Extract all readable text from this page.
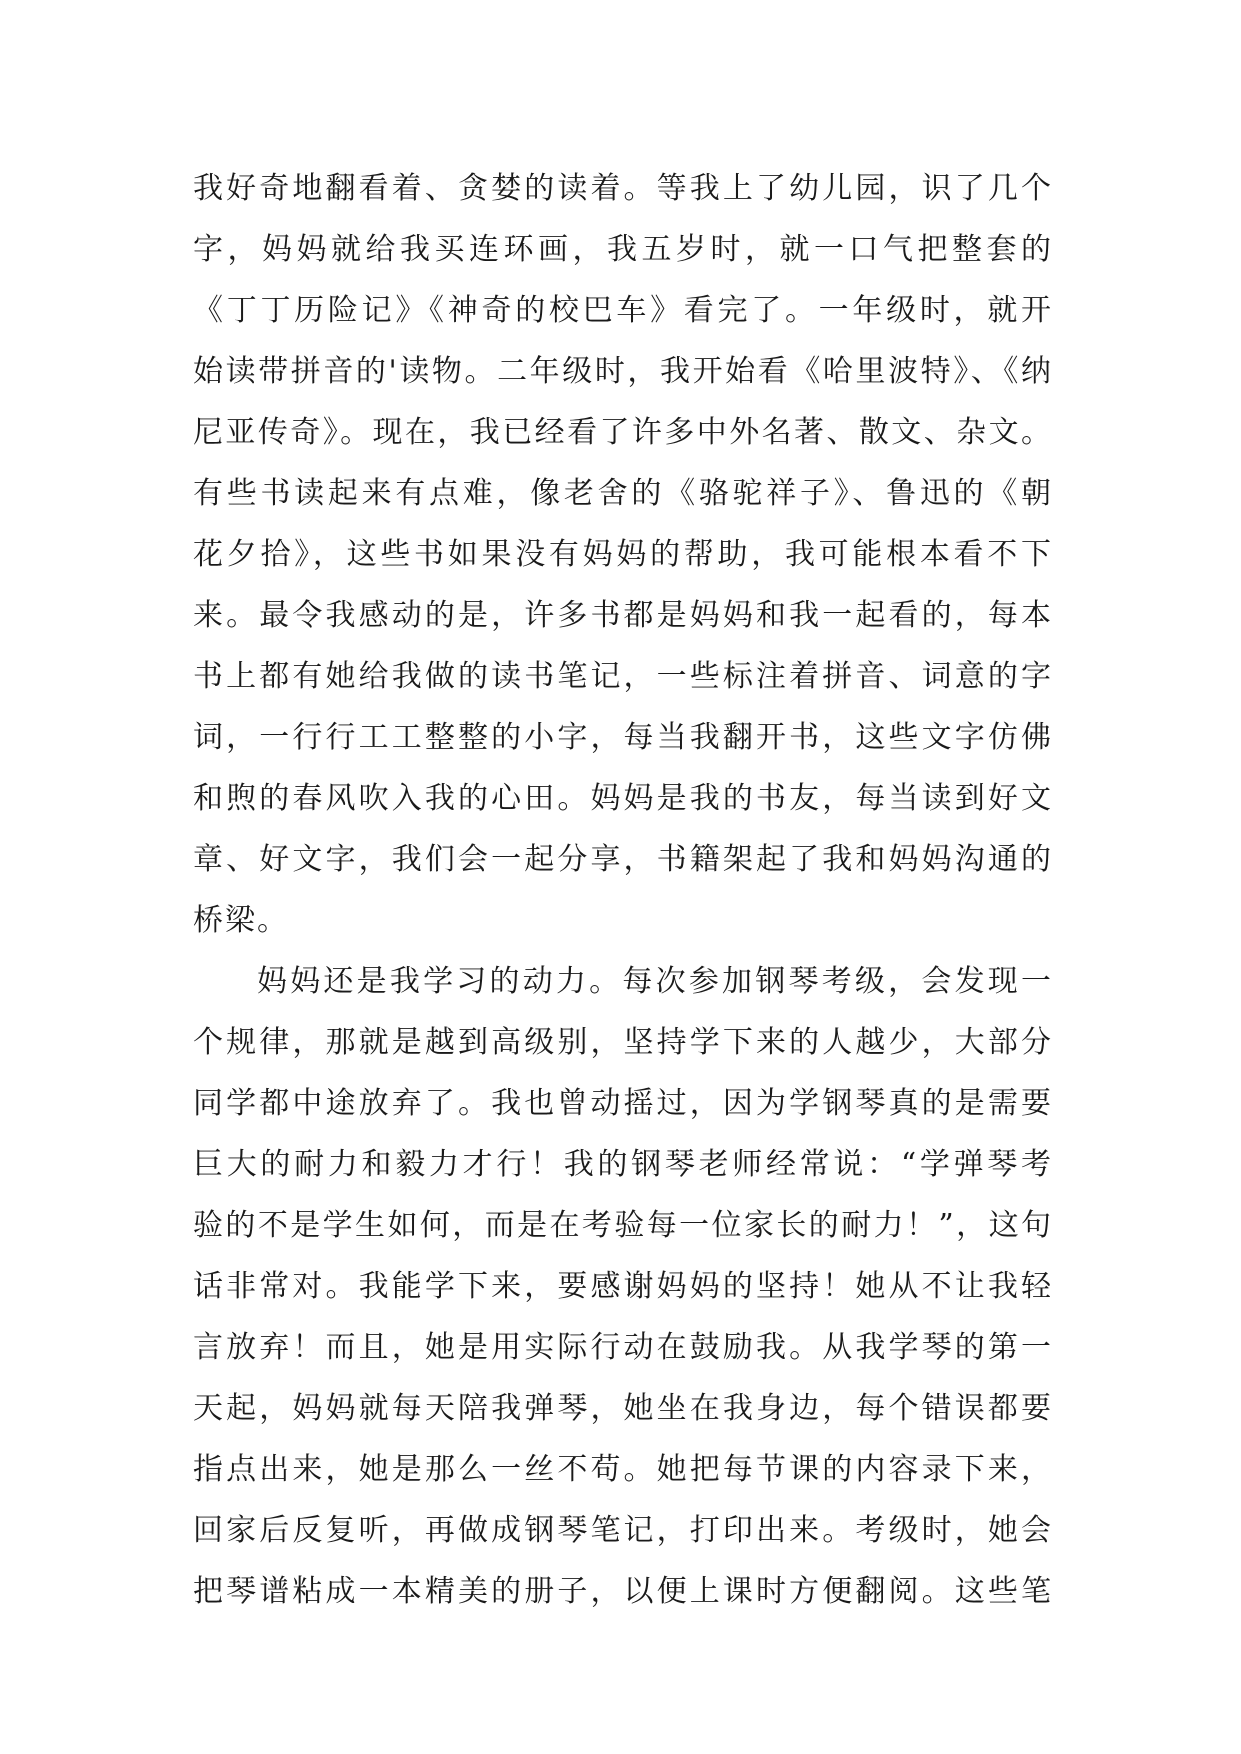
我好奇地翻看着、贪婪的读着。等我上了幼儿园，识了几个
字，妈妈就给我买连环画，我五岁时，就一口气把整套的
《丁丁历险记》《神奇的校巴车》看完了。一年级时，就开
始读带拼音的'读物。二年级时，我开始看《哈里波特》、《纳
尼亚传奇》。现在，我已经看了许多中外名著、散文、杂文。
有些书读起来有点难，像老舍的《骆驼祥子》、鲁迅的《朝
花夕拾》，这些书如果没有妈妈的帮助，我可能根本看不下
来。最令我感动的是，许多书都是妈妈和我一起看的，每本
书上都有她给我做的读书笔记，一些标注着拼音、词意的字
词，一行行工工整整的小字，每当我翻开书，这些文字仿佛
和煦的春风吹入我的心田。妈妈是我的书友，每当读到好文
章、好文字，我们会一起分享，书籍架起了我和妈妈沟通的
桥梁。
妈妈还是我学习的动力。每次参加钢琴考级，会发现一
个规律，那就是越到高级别，坚持学下来的人越少，大部分
同学都中途放弃了。我也曾动摇过，因为学钢琴真的是需要
巨大的耐力和毅力才行！我的钢琴老师经常说：“学弹琴考
验的不是学生如何，而是在考验每一位家长的耐力！”，这句
话非常对。我能学下来，要感谢妈妈的坚持！她从不让我轻
言放弃！而且，她是用实际行动在鼓励我。从我学琴的第一
天起，妈妈就每天陪我弹琴，她坐在我身边，每个错误都要
指点出来，她是那么一丝不苟。她把每节课的内容录下来，
回家后反复听，再做成钢琴笔记，打印出来。考级时，她会
把琴谱粘成一本精美的册子，以便上课时方便翻阅。这些笔
